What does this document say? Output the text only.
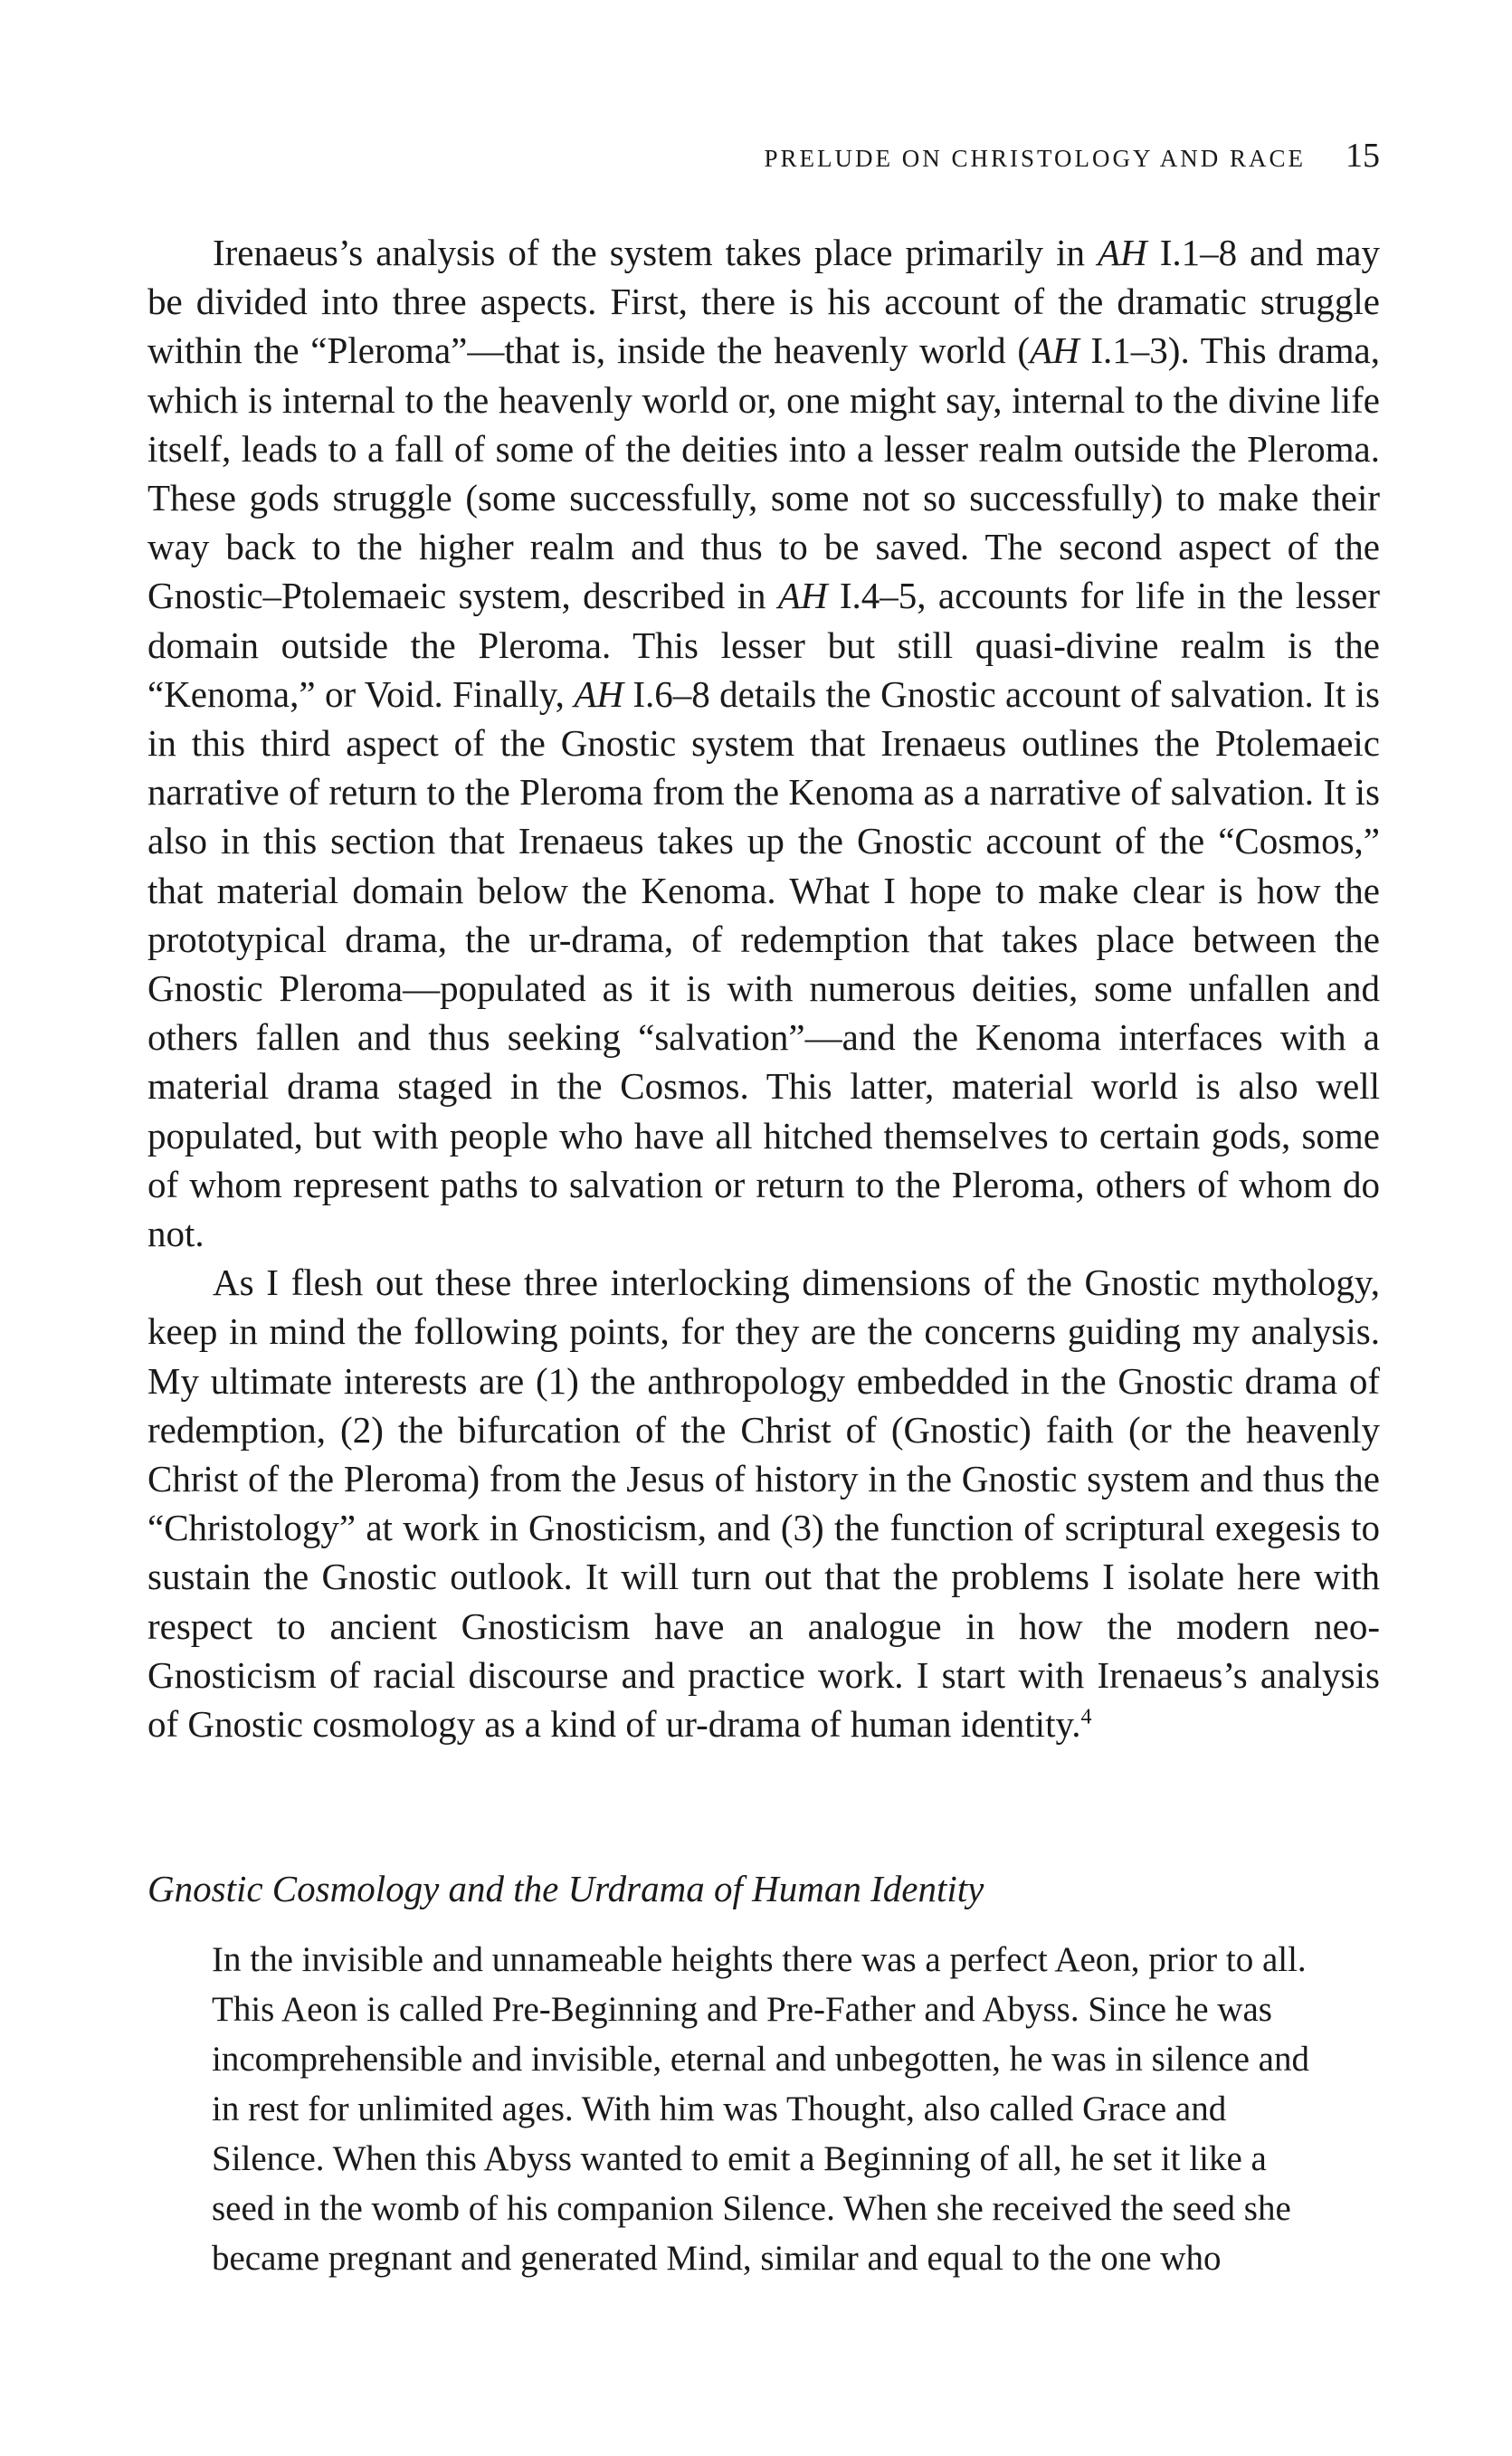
PRELUDE ON CHRISTOLOGY AND RACE 15

Irenaeus’s analysis of the system takes place primarily in AH I.1–8 and may be divided into three aspects. First, there is his account of the dramatic struggle within the “Pleroma”—that is, inside the heavenly world (AH I.1–3). This drama, which is internal to the heavenly world or, one might say, internal to the divine life itself, leads to a fall of some of the deities into a lesser realm outside the Pleroma. These gods struggle (some successfully, some not so successfully) to make their way back to the higher realm and thus to be saved. The second aspect of the Gnostic–Ptolemaeic system, described in AH I.4–5, accounts for life in the lesser domain outside the Pleroma. This lesser but still quasi-divine realm is the “Kenoma,” or Void. Finally, AH I.6–8 details the Gnostic account of salvation. It is in this third aspect of the Gnostic system that Irenaeus outlines the Ptolemaeic narrative of return to the Pleroma from the Kenoma as a narrative of salvation. It is also in this section that Irenaeus takes up the Gnostic account of the “Cosmos,” that material domain below the Kenoma. What I hope to make clear is how the prototypical drama, the ur-drama, of redemption that takes place between the Gnostic Pleroma—populated as it is with numerous deities, some unfallen and others fallen and thus seeking “salvation”—and the Kenoma interfaces with a material drama staged in the Cosmos. This latter, material world is also well populated, but with people who have all hitched themselves to certain gods, some of whom represent paths to salvation or return to the Pleroma, others of whom do not.

As I flesh out these three interlocking dimensions of the Gnostic mythology, keep in mind the following points, for they are the concerns guiding my analysis. My ultimate interests are (1) the anthropology embedded in the Gnostic drama of redemption, (2) the bifurcation of the Christ of (Gnostic) faith (or the heavenly Christ of the Pleroma) from the Jesus of history in the Gnostic system and thus the “Christology” at work in Gnosticism, and (3) the function of scriptural exegesis to sustain the Gnostic outlook. It will turn out that the problems I isolate here with respect to ancient Gnosticism have an analogue in how the modern neo-Gnosticism of racial discourse and practice work. I start with Irenaeus’s analysis of Gnostic cosmology as a kind of ur-drama of human identity.$^4$

Gnostic Cosmology and the Urdrama of Human Identity
In the invisible and unnameable heights there was a perfect Aeon, prior to all. This Aeon is called Pre-Beginning and Pre-Father and Abyss. Since he was incomprehensible and invisible, eternal and unbegotten, he was in silence and in rest for unlimited ages. With him was Thought, also called Grace and Silence. When this Abyss wanted to emit a Beginning of all, he set it like a seed in the womb of his companion Silence. When she received the seed she became pregnant and generated Mind, similar and equal to the one who
